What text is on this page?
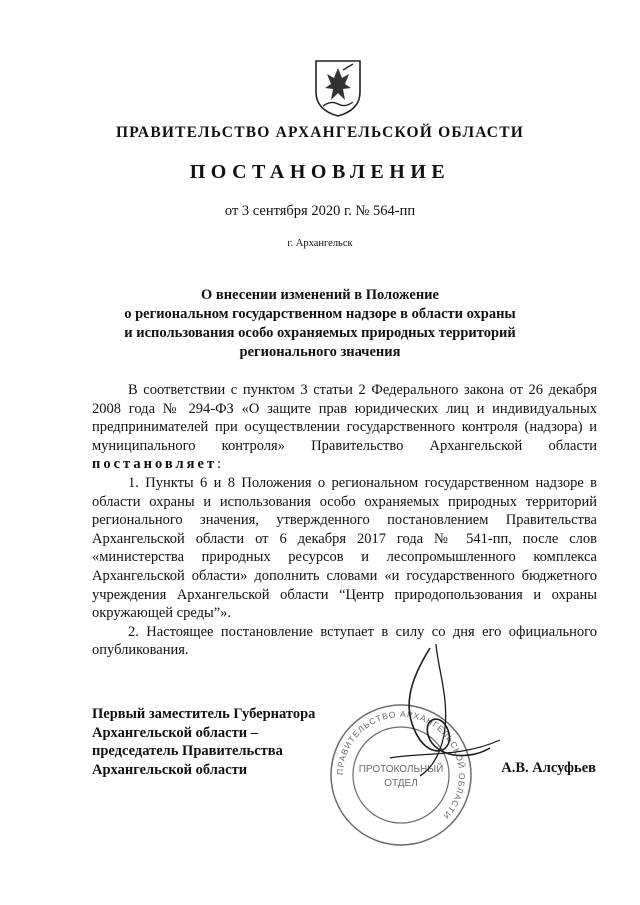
ПРАВИТЕЛЬСТВО АРХАНГЕЛЬСКОЙ ОБЛАСТИ
ПОСТАНОВЛЕНИЕ
от 3 сентября 2020 г. № 564-пп
г. Архангельск
О внесении изменений в Положение
о региональном государственном надзоре в области охраны
и использования особо охраняемых природных территорий
регионального значения

В соответствии с пунктом 3 статьи 2 Федерального закона от 26 декабря 2008 года № 294-ФЗ «О защите прав юридических лиц и индивидуальных предпринимателей при осуществлении государственного контроля (надзора) и муниципального контроля» Правительство Архангельской области постановляет:

1. Пункты 6 и 8 Положения о региональном государственном надзоре в области охраны и использования особо охраняемых природных территорий регионального значения, утвержденного постановлением Правительства Архангельской области от 6 декабря 2017 года № 541-пп, после слов «министерства природных ресурсов и лесопромышленного комплекса Архангельской области» дополнить словами «и государственного бюджетного учреждения Архангельской области “Центр природопользования и охраны окружающей среды”».

2. Настоящее постановление вступает в силу со дня его официального опубликования.

Первый заместитель Губернатора
Архангельской области –
председатель Правительства
Архангельской области	А.В. Алсуфьев
ПРАВИТЕЛЬСТВО АРХАНГЕЛЬСКОЙ ОБЛАСТИ
ПРОТОКОЛЬНЫЙ
ОТДЕЛ
